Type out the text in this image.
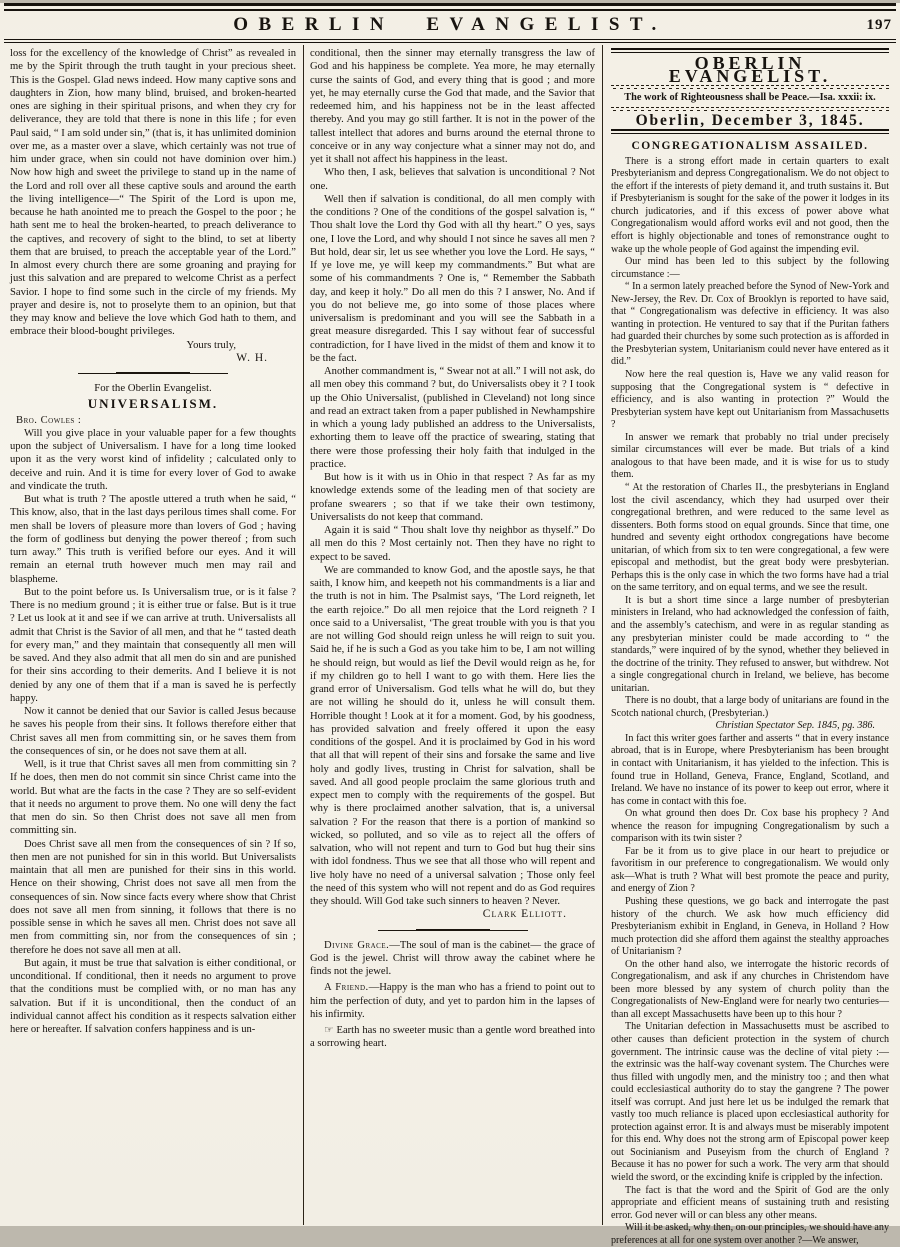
OBERLIN EVANGELIST.	197

loss for the excellency of the knowledge of Christ” as revealed in me by the Spirit through the truth taught in your precious sheet. This is the Gospel. Glad news indeed. How many captive sons and daughters in Zion, how many blind, bruised, and broken-hearted ones are sighing in their spiritual prisons, and when they cry for deliverance, they are told that there is none in this life ; for even Paul said, “ I am sold under sin,” (that is, it has unlimited dominion over me, as a master over a slave, which certainly was not true of him under grace, when sin could not have dominion over him.) Now how high and sweet the privilege to stand up in the name of the Lord and roll over all these captive souls and around the earth the living intelligence—“ The Spirit of the Lord is upon me, because he hath anointed me to preach the Gospel to the poor ; he hath sent me to heal the broken-hearted, to preach deliverance to the captives, and recovery of sight to the blind, to set at liberty them that are bruised, to preach the acceptable year of the Lord.” In almost every church there are some groaning and praying for just this salvation and are prepared to welcome Christ as a perfect Savior. I hope to find some such in the circle of my friends. My prayer and desire is, not to proselyte them to an opinion, but that they may know and believe the love which God hath to them, and embrace their blood-bought privileges.

Yours truly,

W. H.

For the Oberlin Evangelist.
UNIVERSALISM.

Bro. Cowles :

Will you give place in your valuable paper for a few thoughts upon the subject of Universalism. I have for a long time looked upon it as the very worst kind of infidelity ; calculated only to deceive and ruin. And it is time for every lover of God to awake and vindicate the truth.

But what is truth ? The apostle uttered a truth when he said, “ This know, also, that in the last days perilous times shall come. For men shall be lovers of pleasure more than lovers of God ; having the form of godliness but denying the power thereof ; from such turn away.” This truth is verified before our eyes. And it will remain an eternal truth however much men may rail and blaspheme.

But to the point before us. Is Universalism true, or is it false ? There is no medium ground ; it is either true or false. But is it true ? Let us look at it and see if we can arrive at truth. Universalists all admit that Christ is the Savior of all men, and that he “ tasted death for every man,” and they maintain that consequently all men will be saved. And they also admit that all men do sin and are punished for their sins according to their demerits. And I believe it is not denied by any one of them that if a man is saved he is perfectly happy.

Now it cannot be denied that our Savior is called Jesus because he saves his people from their sins. It follows therefore either that Christ saves all men from committing sin, or he saves them from the consequences of sin, or he does not save them at all.

Well, is it true that Christ saves all men from committing sin ? If he does, then men do not commit sin since Christ came into the world. But what are the facts in the case ? They are so self-evident that it needs no argument to prove them. No one will deny the fact that men do sin. So then Christ does not save all men from committing sin.

Does Christ save all men from the consequences of sin ? If so, then men are not punished for sin in this world. But Universalists maintain that all men are punished for their sins in this world. Hence on their showing, Christ does not save all men from the consequences of sin. Now since facts every where show that Christ does not save all men from sinning, it follows that there is no possible sense in which he saves all men. Christ does not save all men from committing sin, nor from the consequences of sin ; therefore he does not save all men at all.

But again, it must be true that salvation is either conditional, or unconditional. If conditional, then it needs no argument to prove that the conditions must be complied with, or no man has any salvation. But if it is unconditional, then the conduct of an individual cannot affect his condition as it respects salvation either here or hereafter. If salvation confers happiness and is un-

conditional, then the sinner may eternally transgress the law of God and his happiness be complete. Yea more, he may eternally curse the saints of God, and every thing that is good ; and more yet, he may eternally curse the God that made, and the Savior that redeemed him, and his happiness not be in the least affected thereby. And you may go still farther. It is not in the power of the tallest intellect that adores and burns around the eternal throne to conceive or in any way conjecture what a sinner may not do, and yet it shall not affect his happiness in the least.

Who then, I ask, believes that salvation is unconditional ? Not one.

Well then if salvation is conditional, do all men comply with the conditions ? One of the conditions of the gospel salvation is, “ Thou shalt love the Lord thy God with all thy heart.” O yes, says one, I love the Lord, and why should I not since he saves all men ? But hold, dear sir, let us see whether you love the Lord. He says, “ If ye love me, ye will keep my commandments.” But what are some of his commandments ? One is, “ Remember the Sabbath day, and keep it holy.” Do all men do this ? I answer, No. And if you do not believe me, go into some of those places where universalism is predominant and you will see the Sabbath in a great measure disregarded. This I say without fear of successful contradiction, for I have lived in the midst of them and know it to be the fact.

Another commandment is, “ Swear not at all.” I will not ask, do all men obey this command ? but, do Universalists obey it ? I took up the Ohio Universalist, (published in Cleveland) not long since and read an extract taken from a paper published in Newhampshire in which a young lady published an address to the Universalists, exhorting them to leave off the practice of swearing, stating that there were those professing their holy faith that indulged in the practice.

But how is it with us in Ohio in that respect ? As far as my knowledge extends some of the leading men of that society are profane swearers ; so that if we take their own testimony, Universalists do not keep that command.

Again it is said “ Thou shalt love thy neighbor as thyself.” Do all men do this ? Most certainly not. Then they have no right to expect to be saved.

We are commanded to know God, and the apostle says, he that saith, I know him, and keepeth not his commandments is a liar and the truth is not in him. The Psalmist says, ‘The Lord reigneth, let the earth rejoice.” Do all men rejoice that the Lord reigneth ? I once said to a Universalist, ‘The great trouble with you is that you are not willing God should reign unless he will reign to suit you. Said he, if he is such a God as you take him to be, I am not willing he should reign, but would as lief the Devil would reign as he, for if my children go to hell I want to go with them. Here lies the grand error of Universalism. God tells what he will do, but they are not willing he should do it, unless he will consult them. Horrible thought ! Look at it for a moment. God, by his goodness, has provided salvation and freely offered it upon the easy conditions of the gospel. And it is proclaimed by God in his word that all that will repent of their sins and forsake the same and live holy and godly lives, trusting in Christ for salvation, shall be saved. And all good people proclaim the same glorious truth and expect men to comply with the requirements of the gospel. But why is there proclaimed another salvation, that is, a universal salvation ? For the reason that there is a portion of mankind so wicked, so polluted, and so vile as to reject all the offers of salvation, who will not repent and turn to God but hug their sins with idol fondness. Thus we see that all those who will repent and live holy have no need of a universal salvation ; Those only feel the need of this system who will not repent and do as God requires they should. Will God take such sinners to heaven ? Never.

Clark Elliott.

Divine Grace.—The soul of man is the cabinet— the grace of God is the jewel. Christ will throw away the cabinet where he finds not the jewel.

A Friend.—Happy is the man who has a friend to point out to him the perfection of duty, and yet to pardon him in the lapses of his infirmity.

☞ Earth has no sweeter music than a gentle word breathed into a sorrowing heart.

OBERLIN EVANGELIST.
The work of Righteousness shall be Peace.—Isa. xxxii: ix.
Oberlin, December 3, 1845.
CONGREGATIONALISM ASSAILED.

There is a strong effort made in certain quarters to exalt Presbyterianism and depress Congregationalism. We do not object to the effort if the interests of piety demand it, and truth sustains it. But if Presbyterianism is sought for the sake of the power it lodges in its church judicatories, and if this excess of power above what Congregationalism would afford works evil and not good, then the effort is highly objectionable and tones of remonstrance ought to wake up the whole people of God against the impending evil.

Our mind has been led to this subject by the following circumstance :—

“ In a sermon lately preached before the Synod of New-York and New-Jersey, the Rev. Dr. Cox of Brooklyn is reported to have said, that “ Congregationalism was defective in efficiency. It was also wanting in protection. He ventured to say that if the Puritan fathers had guarded their churches by some such protection as is afforded in the Presbyterian system, Unitarianism could never have entered as it did.”

Now here the real question is, Have we any valid reason for supposing that the Congregational system is “ defective in efficiency, and is also wanting in protection ?” Would the Presbyterian system have kept out Unitarianism from Massachusetts ?

In answer we remark that probably no trial under precisely similar circumstances will ever be made. But trials of a kind analogous to that have been made, and it is wise for us to study them.

“ At the restoration of Charles II., the presbyterians in England lost the civil ascendancy, which they had usurped over their congregational brethren, and were reduced to the same level as dissenters. Both forms stood on equal grounds. Since that time, one hundred and seventy eight orthodox congregations have become unitarian, of which from six to ten were congregational, a few were episcopal and methodist, but the great body were presbyterian. Perhaps this is the only case in which the two forms have had a trial on the same territory, and on equal terms, and we see the result.

It is but a short time since a large number of presbyterian ministers in Ireland, who had acknowledged the confession of faith, and the assembly’s catechism, and were in as regular standing as any presbyterian minister could be made according to “ the standards,” were inquired of by the synod, whether they believed in the doctrine of the trinity. They refused to answer, but withdrew. Not a single congregational church in Ireland, we believe, has become unitarian.

There is no doubt, that a large body of unitarians are found in the Scotch national church, (Presbyterian.)

Christian Spectator Sep. 1845, pg. 386.

In fact this writer goes farther and asserts “ that in every instance abroad, that is in Europe, where Presbyterianism has been brought in contact with Unitarianism, it has yielded to the infection. This is found true in Holland, Geneva, France, England, Scotland, and Ireland. We have no instance of its power to keep out error, where it has come in contact with this foe.

On what ground then does Dr. Cox base his prophecy ? And whence the reason for impugning Congregationalism by such a comparison with its twin sister ?

Far be it from us to give place in our heart to prejudice or favoritism in our preference to congregationalism. We would only ask—What is truth ? What will best promote the peace and purity, and energy of Zion ?

Pushing these questions, we go back and interrogate the past history of the church. We ask how much efficiency did Presbyterianism exhibit in England, in Geneva, in Holland ? How much protection did she afford them against the stealthy approaches of Unitarianism ?

On the other hand also, we interrogate the historic records of Congregationalism, and ask if any churches in Christendom have been more blessed by any system of church polity than the Congregationalists of New-England were for nearly two centuries—than all except Massachusetts have been up to this hour ?

The Unitarian defection in Massachusetts must be ascribed to other causes than deficient protection in the system of church government. The intrinsic cause was the decline of vital piety :— the extrinsic was the half-way covenant system. The Churches were thus filled with ungodly men, and the ministry too ; and then what could ecclesiastical authority do to stay the gangrene ? The power itself was corrupt. And just here let us be indulged the remark that vastly too much reliance is placed upon ecclesiastical authority for protection against error. It is and always must be miserably impotent for this end. Why does not the strong arm of Episcopal power keep out Socinianism and Puseyism from the church of England ? Because it has no power for such a work. The very arm that should wield the sword, or the excinding knife is crippled by the infection.

The fact is that the word and the Spirit of God are the only appropriate and efficient means of sustaining truth and resisting error. God never will or can bless any other means.

Will it be asked, why then, on our principles, we should have any preferences at all for one system over another ?—We answer,
